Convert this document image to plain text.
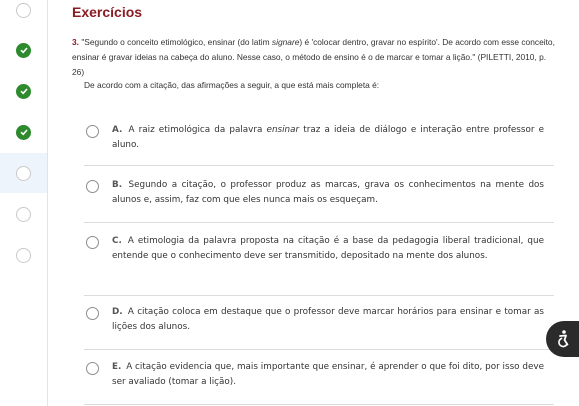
Exercícios
3. "Segundo o conceito etimológico, ensinar (do latim signare) é 'colocar dentro, gravar no espírito'. De acordo com esse conceito, ensinar é gravar ideias na cabeça do aluno. Nesse caso, o método de ensino é o de marcar e tomar a lição." (PILETTI, 2010, p. 26)
De acordo com a citação, das afirmações a seguir, a que está mais completa é:
A. A raiz etimológica da palavra ensinar traz a ideia de diálogo e interação entre professor e aluno.
B. Segundo a citação, o professor produz as marcas, grava os conhecimentos na mente dos alunos e, assim, faz com que eles nunca mais os esqueçam.
C. A etimologia da palavra proposta na citação é a base da pedagogia liberal tradicional, que entende que o conhecimento deve ser transmitido, depositado na mente dos alunos.
D. A citação coloca em destaque que o professor deve marcar horários para ensinar e tomar as lições dos alunos.
E. A citação evidencia que, mais importante que ensinar, é aprender o que foi dito, por isso deve ser avaliado (tomar a lição).
